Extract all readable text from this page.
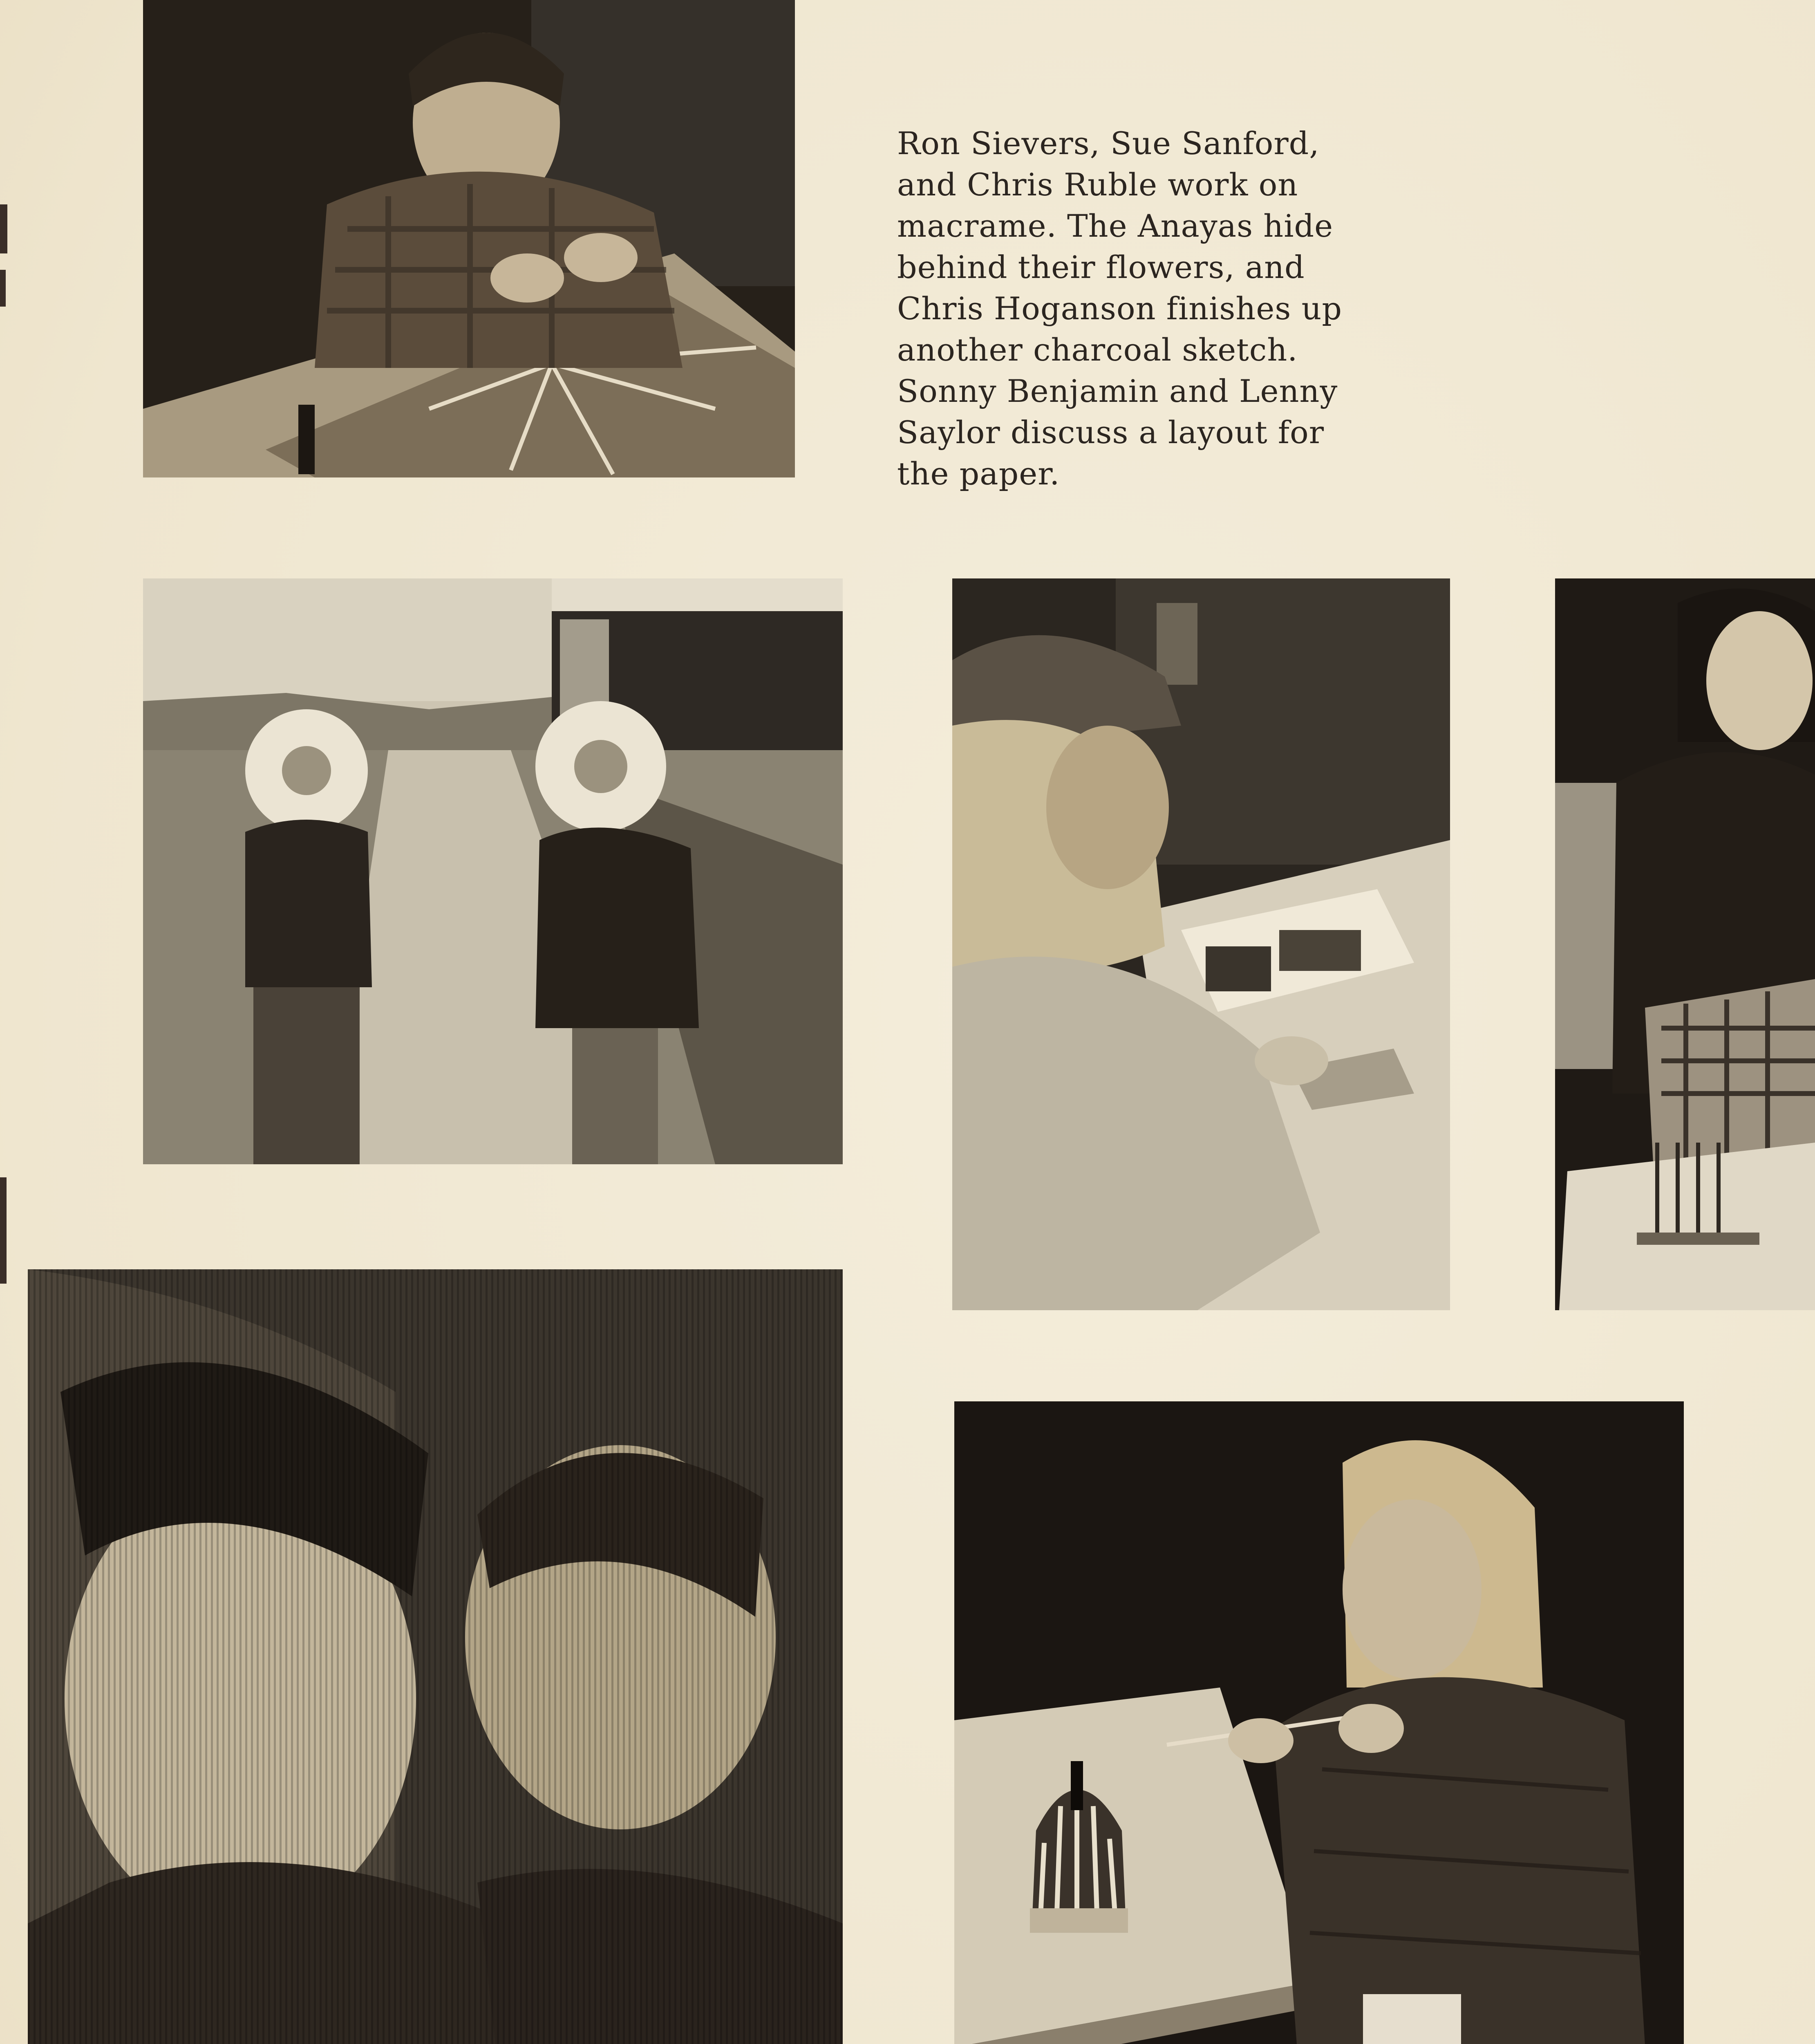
Ron Sievers, Sue Sanford,
and Chris Ruble work on
macrame. The Anayas hide
behind their flowers, and
Chris Hoganson finishes up
another charcoal sketch.
Sonny Benjamin and Lenny
Saylor discuss a layout for
the paper.
